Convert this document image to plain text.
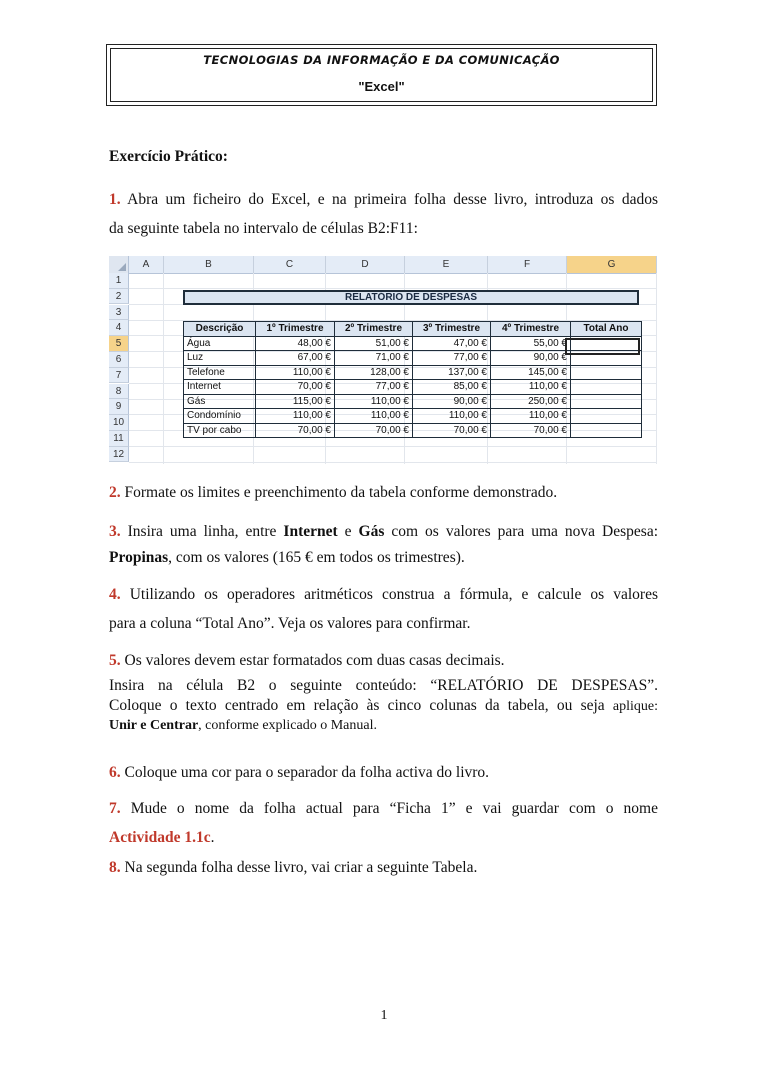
TECNOLOGIAS DA INFORMAÇÃO E DA COMUNICAÇÃO
"Excel"
Exercício Prático:
1. Abra um ficheiro do Excel, e na primeira folha desse livro, introduza os dados
da seguinte tabela no intervalo de células B2:F11:
A	B	C	D	E	F	G
1
2
3
4
5
6
7
8
9
10
11
12
RELATÓRIO DE DESPESAS
Descrição	1º Trimestre	2º Trimestre	3º Trimestre	4º Trimestre	Total Ano
Água	48,00 €	51,00 €	47,00 €	55,00 €	
Luz	67,00 €	71,00 €	77,00 €	90,00 €	
Telefone	110,00 €	128,00 €	137,00 €	145,00 €	
Internet	70,00 €	77,00 €	85,00 €	110,00 €	
Gás	115,00 €	110,00 €	90,00 €	250,00 €	
Condomínio	110,00 €	110,00 €	110,00 €	110,00 €	
TV por cabo	70,00 €	70,00 €	70,00 €	70,00 €	
2. Formate os limites e preenchimento da tabela conforme demonstrado.
3. Insira uma linha, entre Internet e Gás com os valores para uma nova Despesa:
Propinas, com os valores (165 € em todos os trimestres).
4. Utilizando os operadores aritméticos construa a fórmula, e calcule os valores
para a coluna “Total Ano”. Veja os valores para confirmar.
5. Os valores devem estar formatados com duas casas decimais.
Insira na célula B2 o seguinte conteúdo: “RELATÓRIO DE DESPESAS”.
Coloque o texto centrado em relação às cinco colunas da tabela, ou seja aplique:
Unir e Centrar, conforme explicado o Manual.
6. Coloque uma cor para o separador da folha activa do livro.
7. Mude o nome da folha actual para “Ficha 1” e vai guardar com o nome
Actividade 1.1c.
8. Na segunda folha desse livro, vai criar a seguinte Tabela.
1
